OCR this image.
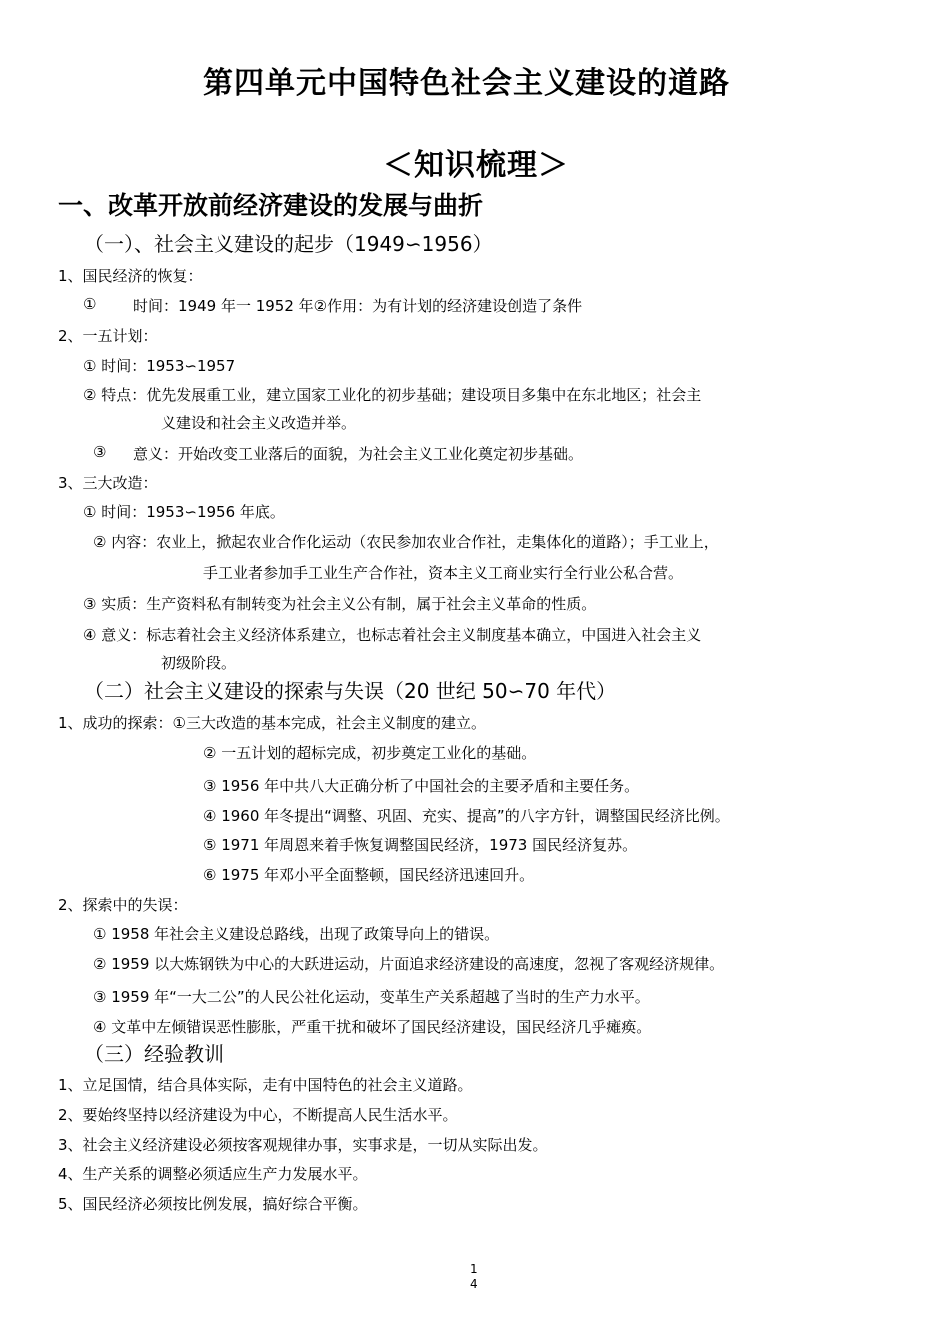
第四单元中国特色社会主义建设的道路
＜知识梳理＞
一、改革开放前经济建设的发展与曲折
（一）、社会主义建设的起步（1949∽1956）
1、国民经济的恢复：
① 时间：1949 年一 1952 年②作用：为有计划的经济建设创造了条件
2、一五计划：
① 时间：1953∽1957
② 特点：优先发展重工业，建立国家工业化的初步基础；建设项目多集中在东北地区；社会主
义建设和社会主义改造并举。
③ 意义：开始改变工业落后的面貌，为社会主义工业化奠定初步基础。
3、三大改造：
① 时间：1953∽1956 年底。
② 内容：农业上，掀起农业合作化运动（农民参加农业合作社，走集体化的道路）；手工业上，
手工业者参加手工业生产合作社，资本主义工商业实行全行业公私合营。
③ 实质：生产资料私有制转变为社会主义公有制，属于社会主义革命的性质。
④ 意义：标志着社会主义经济体系建立，也标志着社会主义制度基本确立，中国进入社会主义
初级阶段。
（二）社会主义建设的探索与失误（20 世纪 50∽70 年代）
1、成功的探索：①三大改造的基本完成，社会主义制度的建立。
② 一五计划的超标完成，初步奠定工业化的基础。
③ 1956 年中共八大正确分析了中国社会的主要矛盾和主要任务。
④ 1960 年冬提出“调整、巩固、充实、提高”的八字方针，调整国民经济比例。
⑤ 1971 年周恩来着手恢复调整国民经济，1973 国民经济复苏。
⑥ 1975 年邓小平全面整顿，国民经济迅速回升。
2、探索中的失误：
① 1958 年社会主义建设总路线，出现了政策导向上的错误。
② 1959 以大炼钢铁为中心的大跃进运动，片面追求经济建设的高速度，忽视了客观经济规律。
③ 1959 年“一大二公”的人民公社化运动，变革生产关系超越了当时的生产力水平。
④ 文革中左倾错误恶性膨胀，严重干扰和破坏了国民经济建设，国民经济几乎瘫痪。
（三）经验教训
1、立足国情，结合具体实际，走有中国特色的社会主义道路。
2、要始终坚持以经济建设为中心，不断提高人民生活水平。
3、社会主义经济建设必须按客观规律办事，实事求是，一切从实际出发。
4、生产关系的调整必须适应生产力发展水平。
5、国民经济必须按比例发展，搞好综合平衡。
1
4
